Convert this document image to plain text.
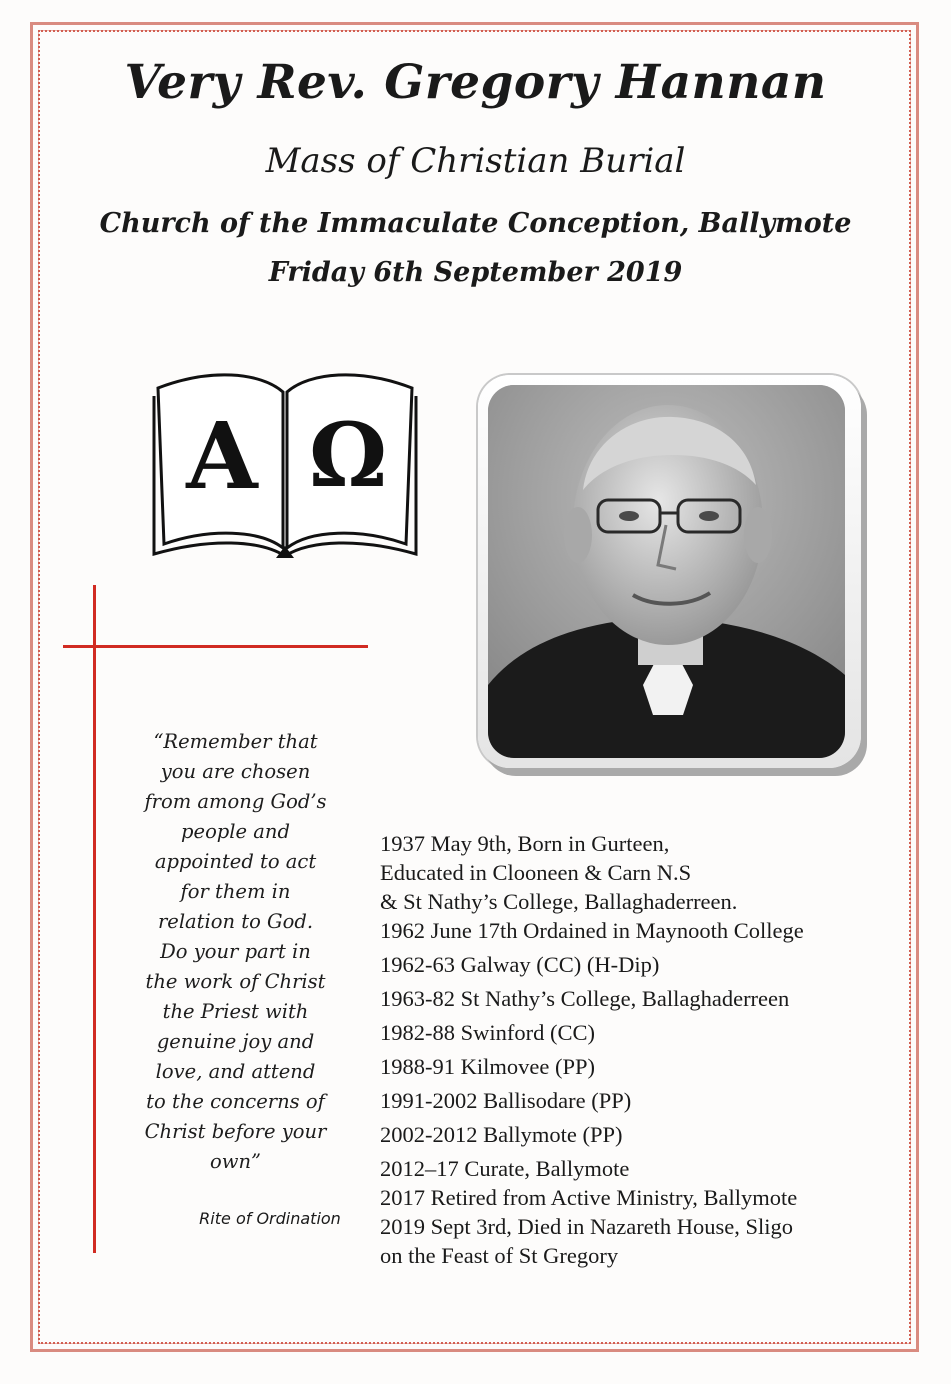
Very Rev. Gregory Hannan
Mass of Christian Burial
Church of the Immaculate Conception, Ballymote
Friday 6th September 2019
A Ω
“Remember that
you are chosen
from among God’s
people and
appointed to act
for them in
relation to God.
Do your part in
the work of Christ
the Priest with
genuine joy and
love, and attend
to the concerns of
Christ before your
own”
Rite of Ordination
1937 May 9th, Born in Gurteen,
Educated in Clooneen & Carn N.S
& St Nathy’s College, Ballaghaderreen.
1962 June 17th Ordained in Maynooth College
1962-63 Galway (CC) (H-Dip)
1963-82 St Nathy’s College, Ballaghaderreen
1982-88 Swinford (CC)
1988-91 Kilmovee (PP)
1991-2002 Ballisodare (PP)
2002-2012 Ballymote (PP)
2012–17 Curate, Ballymote
2017 Retired from Active Ministry, Ballymote
2019 Sept 3rd, Died in Nazareth House, Sligo
on the Feast of St Gregory
